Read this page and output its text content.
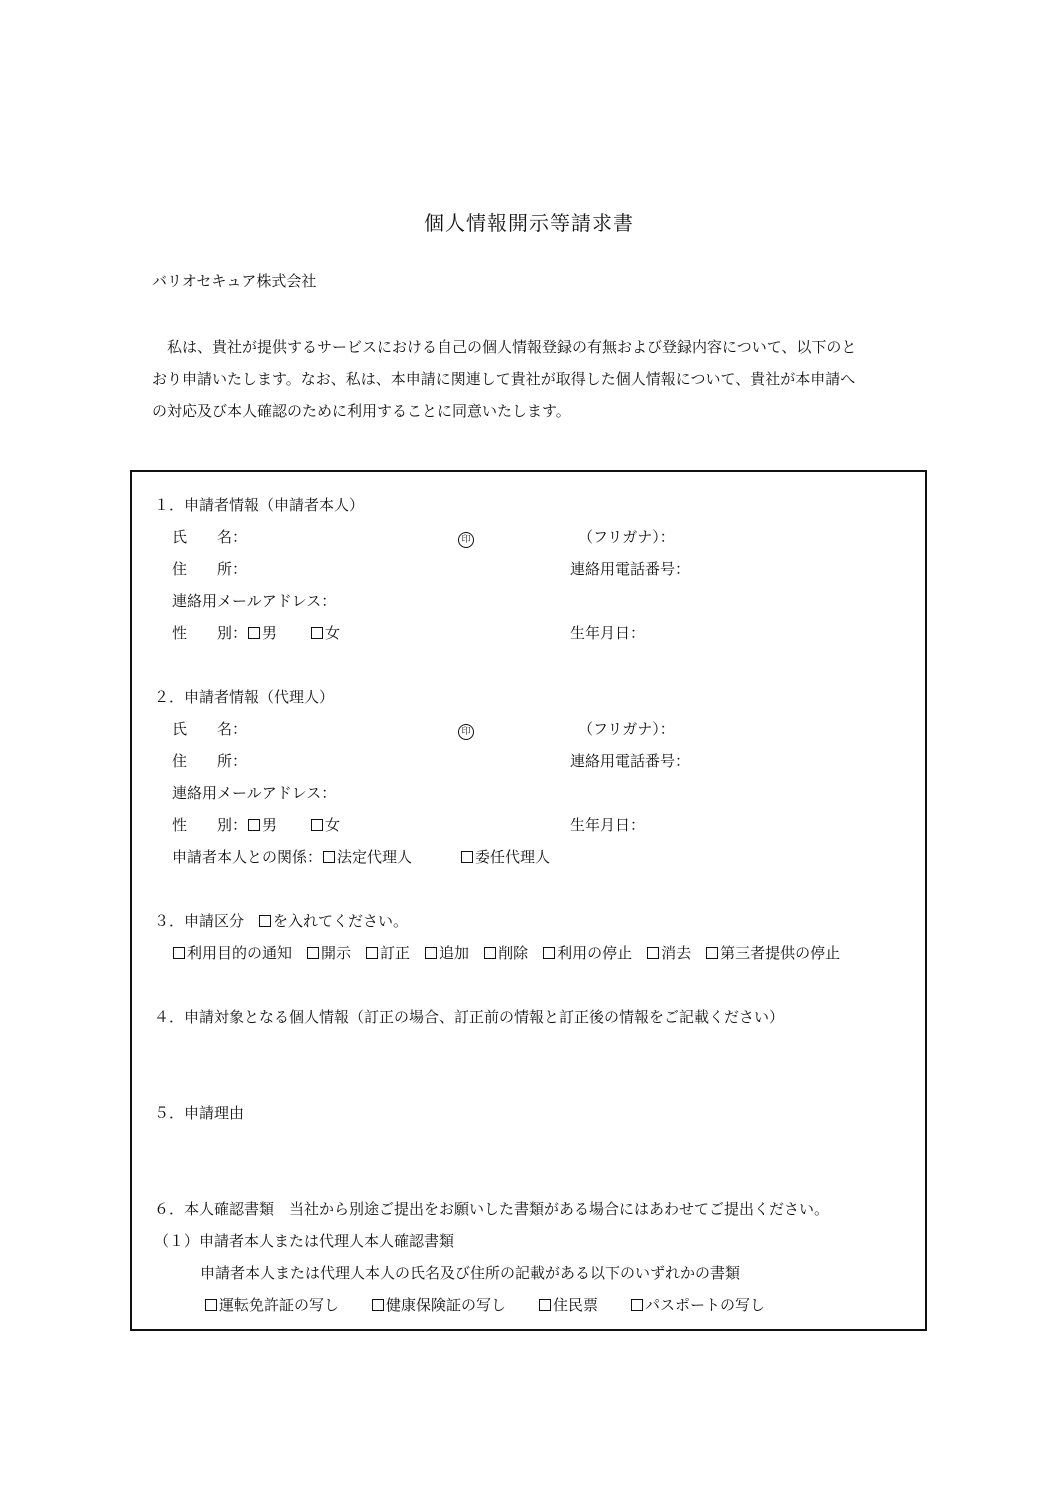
個人情報開示等請求書
バリオセキュア株式会社
　私は、貴社が提供するサービスにおける自己の個人情報登録の有無および登録内容について、以下のと
おり申請いたします。なお、私は、本申請に関連して貴社が取得した個人情報について、貴社が本申請へ
の対応及び本人確認のために利用することに同意いたします。
１．申請者情報（申請者本人）
氏　　名：	印	（フリガナ）：
住　　所：	連絡用電話番号：
連絡用メールアドレス：
性　　別： 男	女	生年月日：
２．申請者情報（代理人）
氏　　名：	印	（フリガナ）：
住　　所：	連絡用電話番号：
連絡用メールアドレス：
性　　別： 男	女	生年月日：
申請者本人との関係： 法定代理人	委任代理人
３．申請区分 を入れてください。
利用目的の通知 開示 訂正 追加 削除 利用の停止 消去 第三者提供の停止
４．申請対象となる個人情報（訂正の場合、訂正前の情報と訂正後の情報をご記載ください）
５．申請理由
６．本人確認書類　当社から別途ご提出をお願いした書類がある場合にはあわせてご提出ください。
（１）申請者本人または代理人本人確認書類
申請者本人または代理人本人の氏名及び住所の記載がある以下のいずれかの書類
運転免許証の写し	健康保険証の写し	住民票	パスポートの写し
